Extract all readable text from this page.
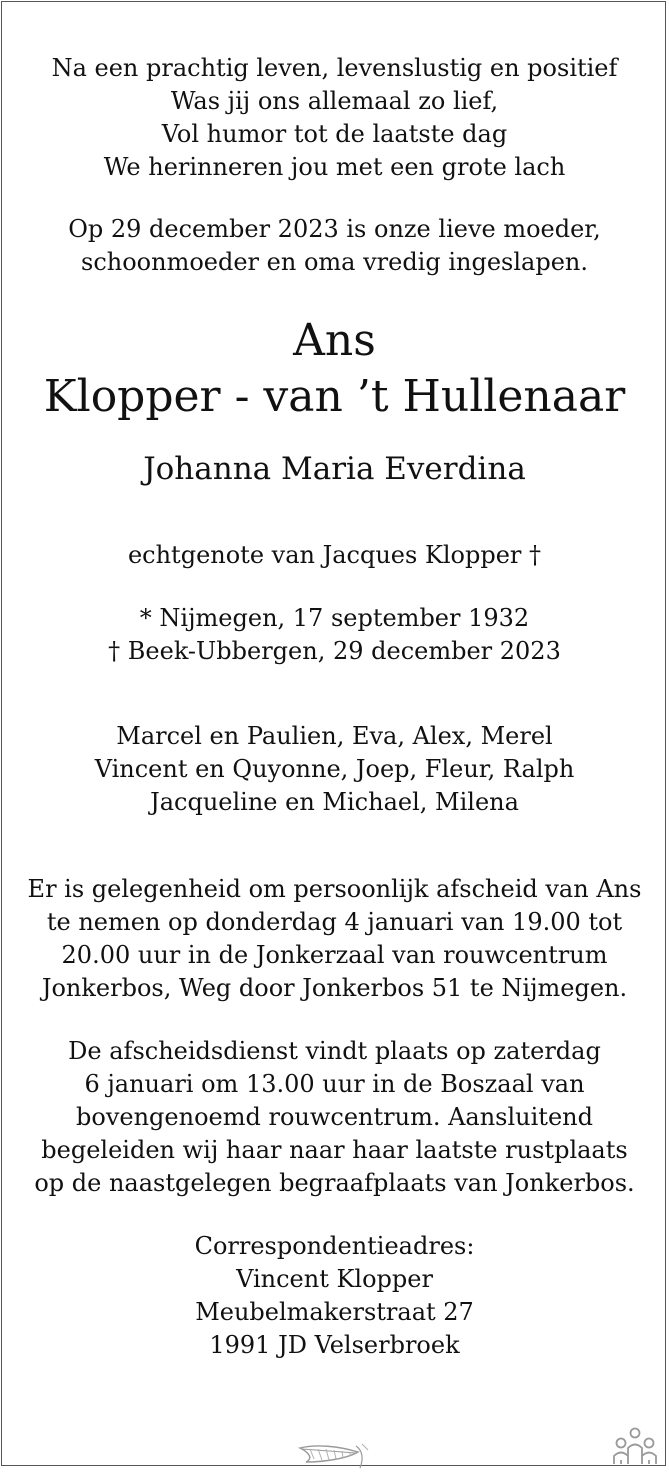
Na een prachtig leven, levenslustig en positief
Was jij ons allemaal zo lief,
Vol humor tot de laatste dag
We herinneren jou met een grote lach
Op 29 december 2023 is onze lieve moeder,
schoonmoeder en oma vredig ingeslapen.
Ans
Klopper - van ’t Hullenaar
Johanna Maria Everdina
echtgenote van Jacques Klopper †
* Nijmegen, 17 september 1932
† Beek-Ubbergen, 29 december 2023
Marcel en Paulien, Eva, Alex, Merel
Vincent en Quyonne, Joep, Fleur, Ralph
Jacqueline en Michael, Milena
Er is gelegenheid om persoonlijk afscheid van Ans
te nemen op donderdag 4 januari van 19.00 tot
20.00 uur in de Jonkerzaal van rouwcentrum
Jonkerbos, Weg door Jonkerbos 51 te Nijmegen.
De afscheidsdienst vindt plaats op zaterdag
6 januari om 13.00 uur in de Boszaal van
bovengenoemd rouwcentrum. Aansluitend
begeleiden wij haar naar haar laatste rustplaats
op de naastgelegen begraafplaats van Jonkerbos.
Correspondentieadres:
Vincent Klopper
Meubelmakerstraat 27
1991 JD Velserbroek
